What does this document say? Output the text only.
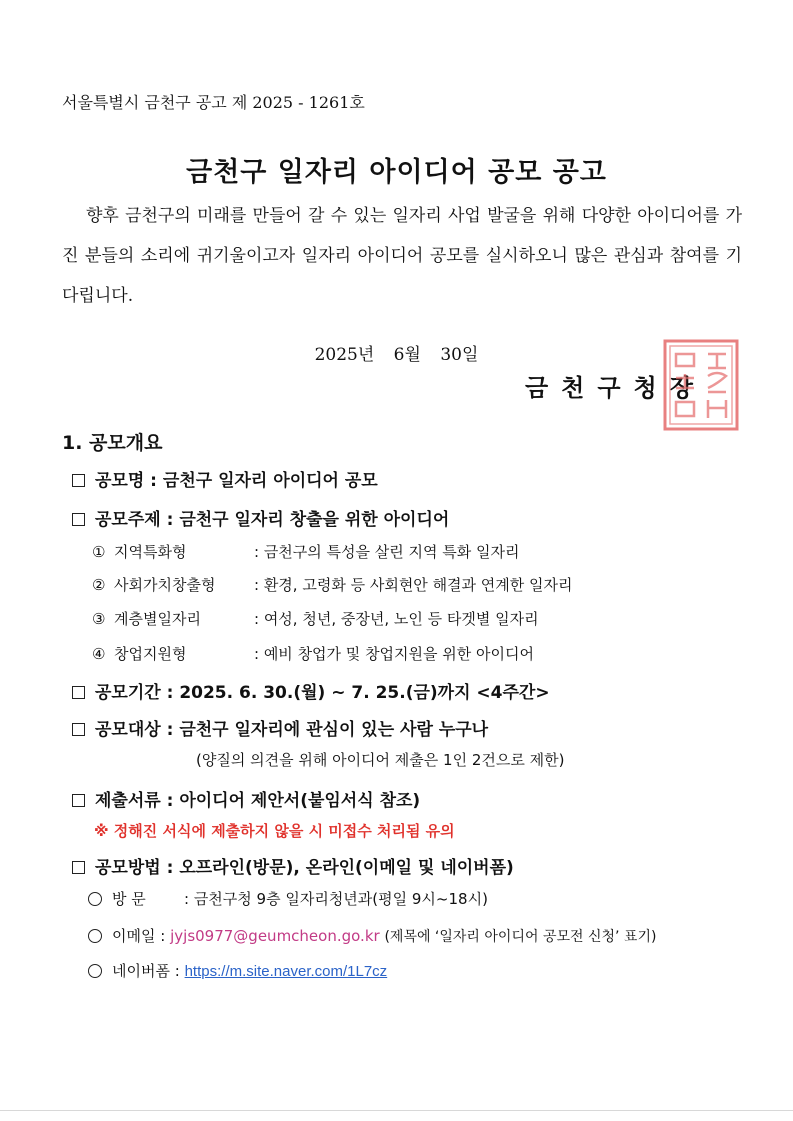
서울특별시 금천구 공고 제 2025 - 1261호
금천구 일자리 아이디어 공모 공고
향후 금천구의 미래를 만들어 갈 수 있는 일자리 사업 발굴을 위해 다양한 아이디어를 가진 분들의 소리에 귀기울이고자 일자리 아이디어 공모를 실시하오니 많은 관심과 참여를 기다립니다.
2025년 6월 30일
금천구청장
1. 공모개요
공모명 : 금천구 일자리 아이디어 공모
공모주제 : 금천구 일자리 창출을 위한 아이디어
① 지역특화형	: 금천구의 특성을 살린 지역 특화 일자리
② 사회가치창출형	: 환경, 고령화 등 사회현안 해결과 연계한 일자리
③ 계층별일자리	: 여성, 청년, 중장년, 노인 등 타겟별 일자리
④ 창업지원형	: 예비 창업가 및 창업지원을 위한 아이디어
공모기간 : 2025. 6. 30.(월) ~ 7. 25.(금)까지 <4주간>
공모대상 : 금천구 일자리에 관심이 있는 사람 누구나
(양질의 의견을 위해 아이디어 제출은 1인 2건으로 제한)
제출서류 : 아이디어 제안서(붙임서식 참조)
※ 정해진 서식에 제출하지 않을 시 미접수 처리됨 유의
공모방법 : 오프라인(방문), 온라인(이메일 및 네이버폼)
방 문	: 금천구청 9층 일자리청년과(평일 9시~18시)
이메일 : jyjs0977@geumcheon.go.kr (제목에 ‘일자리 아이디어 공모전 신청’ 표기)
네이버폼 : https://m.site.naver.com/1L7cz
